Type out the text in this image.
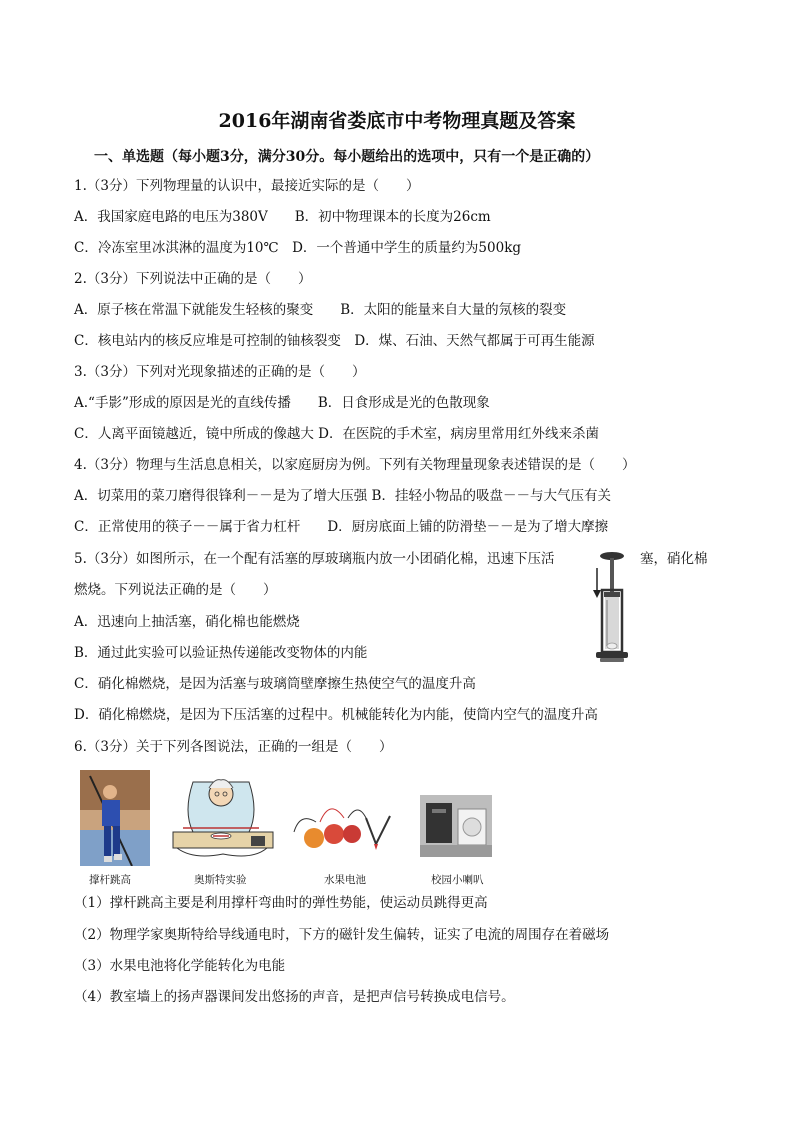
2016年湖南省娄底市中考物理真题及答案
一、单选题（每小题3分，满分30分。每小题给出的选项中，只有一个是正确的）
1.（3分）下列物理量的认识中，最接近实际的是（　　）
A．我国家庭电路的电压为380V　　B．初中物理课本的长度为26cm
C．冷冻室里冰淇淋的温度为10℃　D．一个普通中学生的质量约为500kg
2.（3分）下列说法中正确的是（　　）
A．原子核在常温下就能发生轻核的聚变　　B．太阳的能量来自大量的氖核的裂变
C．核电站内的核反应堆是可控制的铀核裂变　D．煤、石油、天然气都属于可再生能源
3.（3分）下列对光现象描述的正确的是（　　）
A.“手影”形成的原因是光的直线传播　　B．日食形成是光的色散现象
C．人离平面镜越近，镜中所成的像越大 D．在医院的手术室，病房里常用红外线来杀菌
4.（3分）物理与生活息息相关，以家庭厨房为例。下列有关物理量现象表述错误的是（　　）
A．切菜用的菜刀磨得很锋利－－是为了增大压强 B．挂轻小物品的吸盘－－与大气压有关
C．正常使用的筷子－－属于省力杠杆　　D．厨房底面上铺的防滑垫－－是为了增大摩擦
5.（3分）如图所示，在一个配有活塞的厚玻璃瓶内放一小团硝化棉，迅速下压活	塞，硝化棉
燃烧。下列说法正确的是（　　）
A．迅速向上抽活塞，硝化棉也能燃烧
B．通过此实验可以验证热传递能改变物体的内能
C．硝化棉燃烧，是因为活塞与玻璃筒壁摩擦生热使空气的温度升高
D．硝化棉燃烧，是因为下压活塞的过程中。机械能转化为内能，使筒内空气的温度升高
6.（3分）关于下列各图说法，正确的一组是（　　）
撑杆跳高	奥斯特实验	水果电池	校园小喇叭
（1）撑杆跳高主要是利用撑杆弯曲时的弹性势能，使运动员跳得更高
（2）物理学家奥斯特给导线通电时，下方的磁针发生偏转，证实了电流的周围存在着磁场
（3）水果电池将化学能转化为电能
（4）教室墙上的扬声器课间发出悠扬的声音，是把声信号转换成电信号。
